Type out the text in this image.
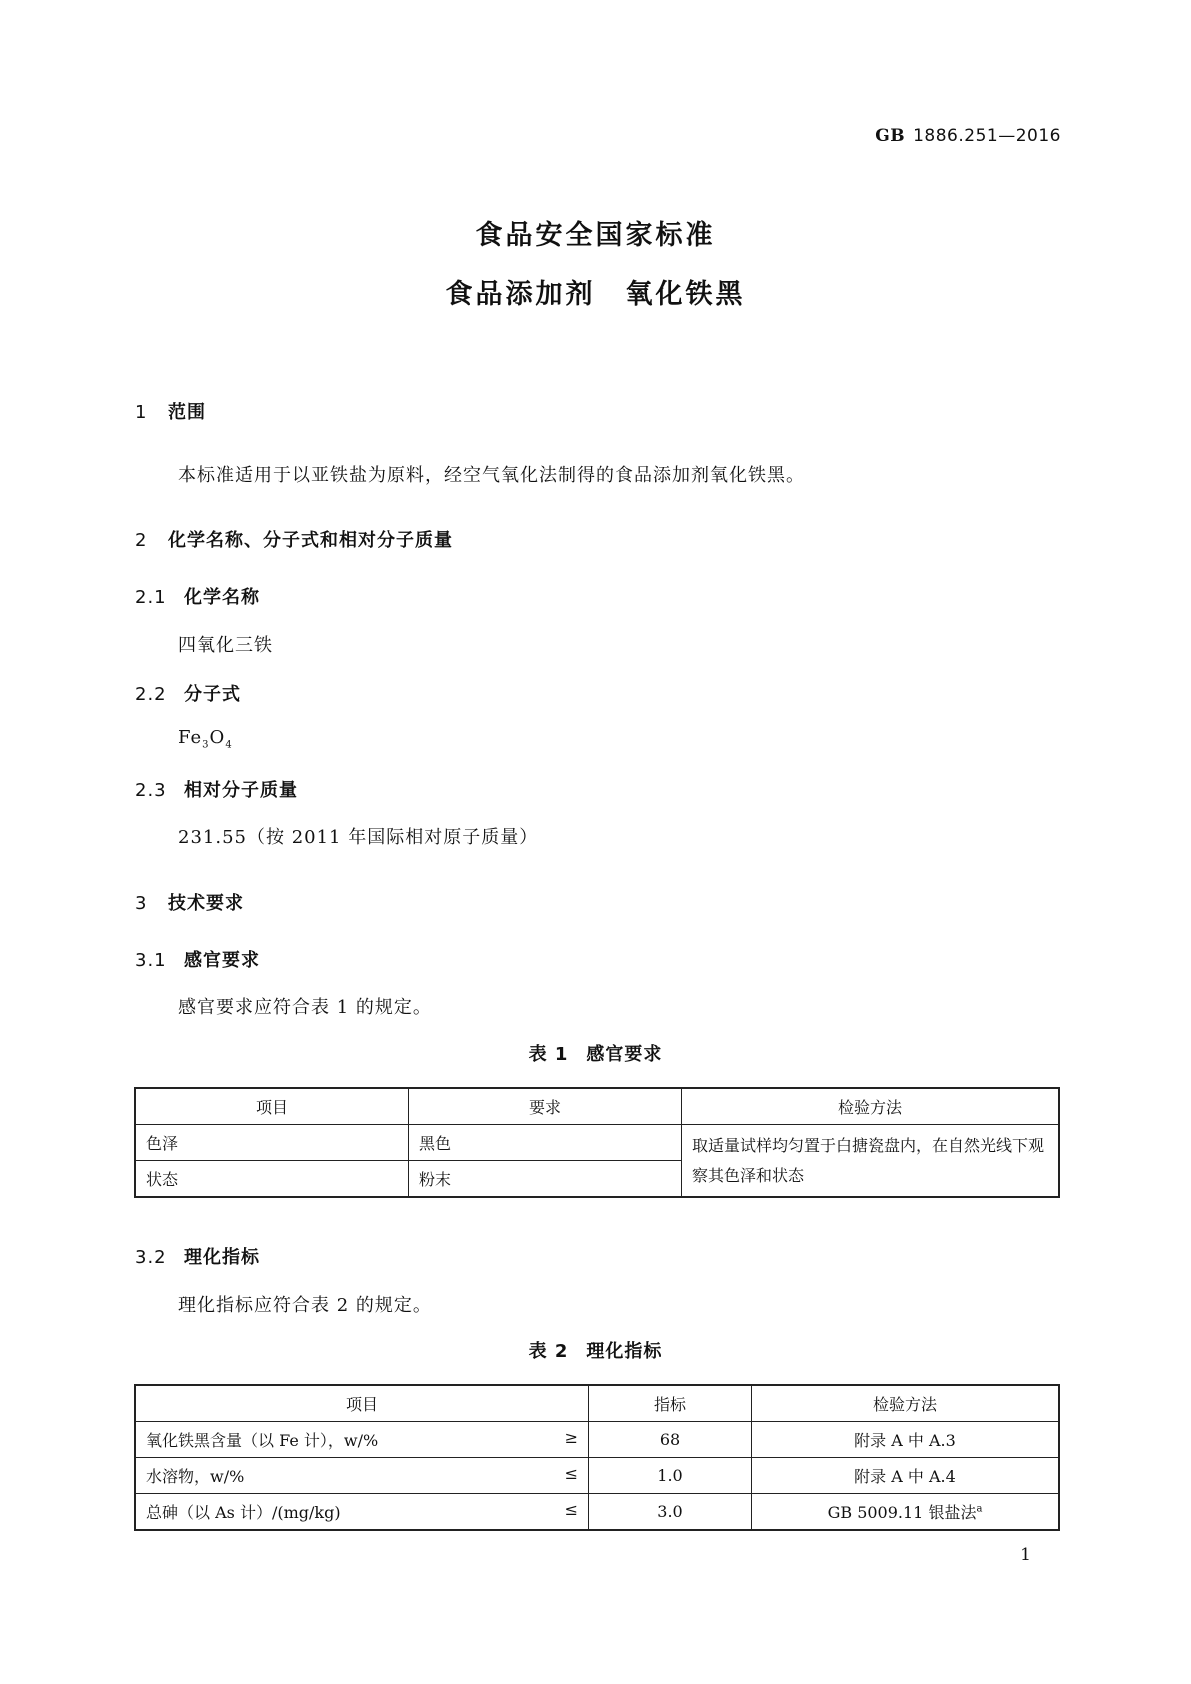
GB 1886.251—2016
食品安全国家标准
食品添加剂　氧化铁黑
1 范围
本标准适用于以亚铁盐为原料，经空气氧化法制得的食品添加剂氧化铁黑。
2 化学名称、分子式和相对分子质量
2.1 化学名称
四氧化三铁
2.2 分子式
$Fe_3O_4$
2.3 相对分子质量
231.55（按 2011 年国际相对原子质量）
3 技术要求
3.1 感官要求
感官要求应符合表 1 的规定。
表 1 感官要求
项目	要求	检验方法
色泽	黑色	取适量试样均匀置于白搪瓷盘内，在自然光线下观察其色泽和状态
状态	粉末	
3.2 理化指标
理化指标应符合表 2 的规定。
表 2 理化指标
项目	指标	检验方法

氧化铁黑含量（以 Fe 计），w/% ≥	68	附录 A 中 A.3

水溶物，w/% ≤	1.0	附录 A 中 A.4

总砷（以 As 计）/(mg/kg) ≤	3.0	GB 5009.11 银盐法$^a$
1
